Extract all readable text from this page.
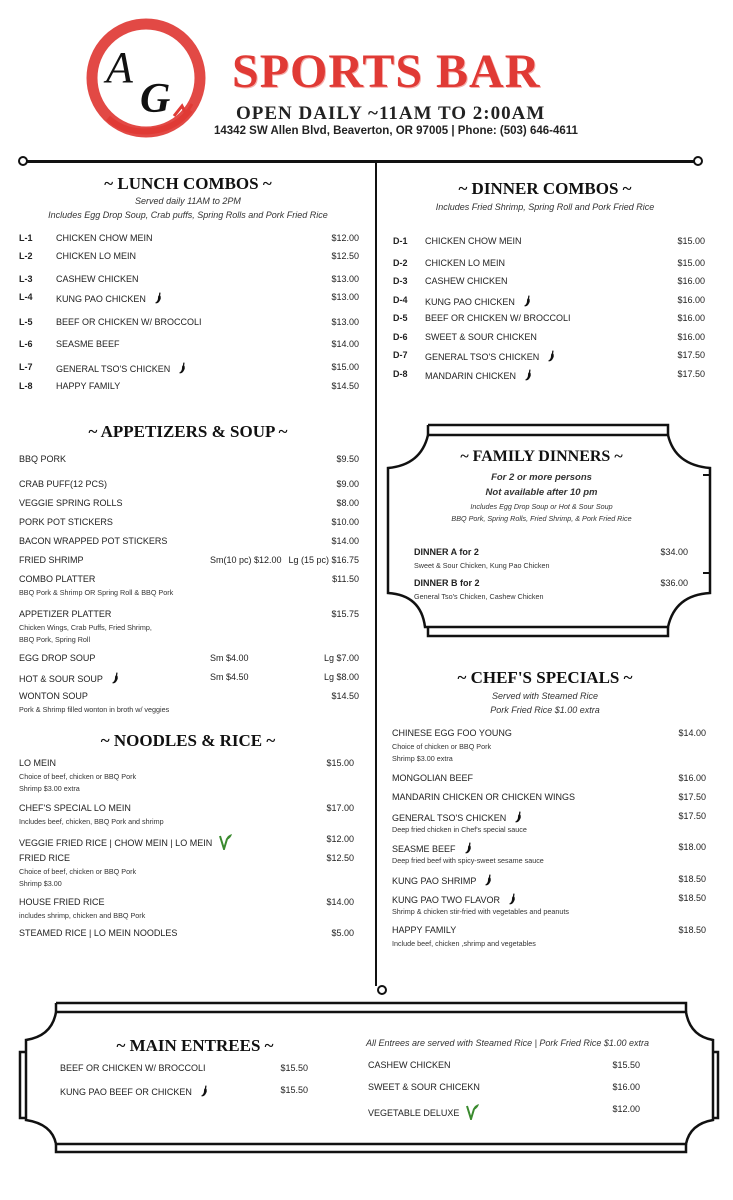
A
G
SPORTS BAR
OPEN DAILY ~11AM TO 2:00AM
14342 SW Allen Blvd, Beaverton, OR 97005 | Phone: (503) 646-4611
~ LUNCH COMBOS ~
Served daily 11AM to 2PM
Includes Egg Drop Soup, Crab puffs, Spring Rolls and Pork Fried Rice
L-1	CHICKEN CHOW MEIN	$12.00
L-2	CHICKEN LO MEIN	$12.50
L-3	CASHEW CHICKEN	$13.00
L-4	KUNG PAO CHICKEN	$13.00
L-5	BEEF OR CHICKEN W/ BROCCOLI	$13.00
L-6	SEASME BEEF	$14.00
L-7	GENERAL TSO'S CHICKEN	$15.00
L-8	HAPPY FAMILY	$14.50
~ DINNER COMBOS ~
Includes Fried Shrimp, Spring Roll and Pork Fried Rice
D-1 CHICKEN CHOW MEIN	$15.00
D-2 CHICKEN LO MEIN	$15.00
D-3 CASHEW CHICKEN	$16.00
D-4 KUNG PAO CHICKEN	$16.00
D-5 BEEF OR CHICKEN W/ BROCCOLI	$16.00
D-6 SWEET & SOUR CHICKEN	$16.00
D-7 GENERAL TSO'S CHICKEN	$17.50
D-8 MANDARIN CHICKEN	$17.50
~ APPETIZERS & SOUP ~
BBQ PORK	$9.50
CRAB PUFF(12 PCS)	$9.00
VEGGIE SPRING ROLLS	$8.00
PORK POT STICKERS	$10.00
BACON WRAPPED POT STICKERS	$14.00
FRIED SHRIMP	Sm(10 pc) $12.00 Lg (15 pc) $16.75
COMBO PLATTER	$11.50
BBQ Pork & Shrimp OR Spring Roll & BBQ Pork
APPETIZER PLATTER	$15.75
Chicken Wings, Crab Puffs, Fried Shrimp,
BBQ Pork, Spring Roll
EGG DROP SOUP	Sm $4.00	Lg $7.00
HOT & SOUR SOUP	Sm $4.50	Lg $8.00
WONTON SOUP	$14.50
Pork & Shrimp filled wonton in broth w/ veggies
~ NOODLES & RICE ~
LO MEIN	$15.00
Choice of beef, chicken or BBQ Pork
Shrimp $3.00 extra
CHEF'S SPECIAL LO MEIN	$17.00
Includes beef, chicken, BBQ Pork and shrimp
VEGGIE FRIED RICE | CHOW MEIN | LO MEIN	$12.00
FRIED RICE	$12.50
Choice of beef, chicken or BBQ Pork
Shrimp $3.00
HOUSE FRIED RICE	$14.00
includes shrimp, chicken and BBQ Pork
STEAMED RICE | LO MEIN NOODLES	$5.00
~ FAMILY DINNERS ~
For 2 or more persons
Not available after 10 pm
Includes Egg Drop Soup or Hot & Sour Soup
BBQ Pork, Spring Rolls, Fried Shrimp, & Pork Fried Rice
DINNER A for 2	$34.00
Sweet & Sour Chicken, Kung Pao Chicken
DINNER B for 2	$36.00
General Tso's Chicken, Cashew Chicken
~ CHEF'S SPECIALS ~
Served with Steamed Rice
Pork Fried Rice $1.00 extra
CHINESE EGG FOO YOUNG	$14.00
Choice of chicken or BBQ Pork
Shrimp $3.00 extra
MONGOLIAN BEEF	$16.00
MANDARIN CHICKEN OR CHICKEN WINGS	$17.50
GENERAL TSO'S CHICKEN	$17.50
Deep fried chicken in Chef's special sauce
SEASME BEEF	$18.00
Deep fried beef with spicy-sweet sesame sauce
KUNG PAO SHRIMP	$18.50
KUNG PAO TWO FLAVOR	$18.50
Shrimp & chicken stir-fried with vegetables and peanuts
HAPPY FAMILY	$18.50
Include beef, chicken ,shrimp and vegetables
~ MAIN ENTREES ~	All Entrees are served with Steamed Rice | Pork Fried Rice $1.00 extra
BEEF OR CHICKEN W/ BROCCOLI	$15.50
KUNG PAO BEEF OR CHICKEN	$15.50
CASHEW CHICKEN	$15.50
SWEET & SOUR CHICEKN	$16.00
VEGETABLE DELUXE	$12.00
